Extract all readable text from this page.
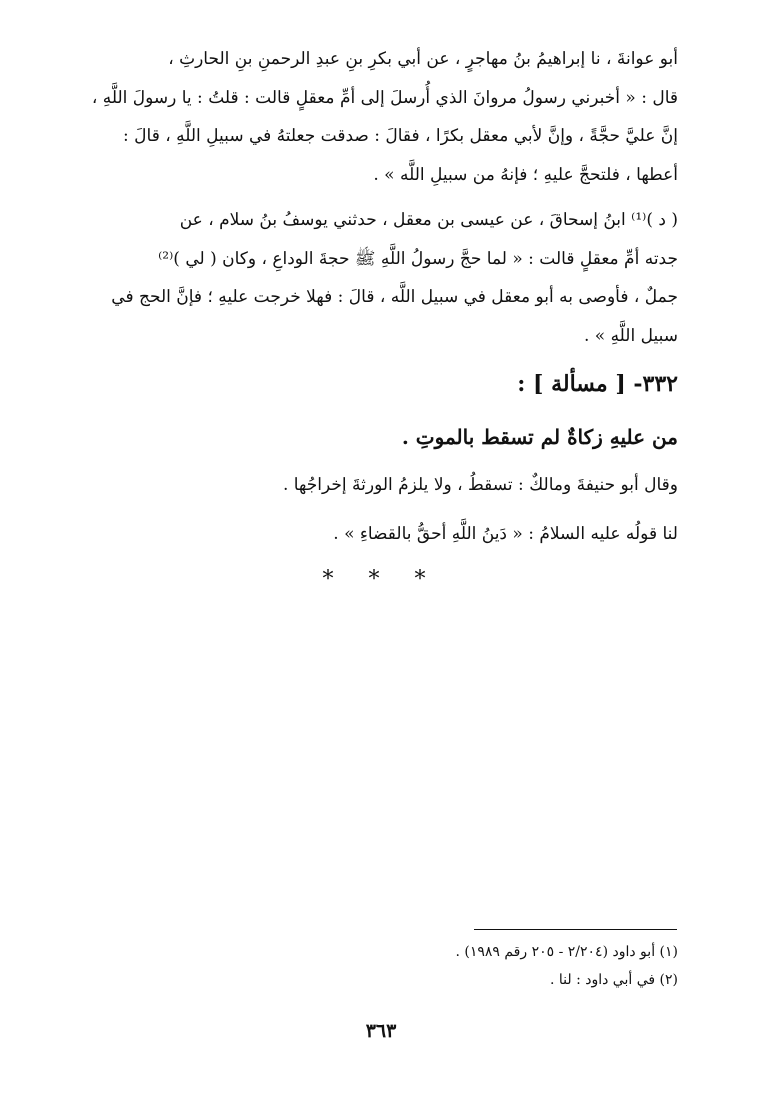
أبو عوانةَ ، نا إبراهيمُ بنُ مهاجرٍ ، عن أبي بكرِ بنِ عبدِ الرحمنِ بنِ الحارثِ ،

قال : « أخبرني رسولُ مروانَ الذي أُرسلَ إلى أمِّ معقلٍ قالت : قلتُ : يا رسولَ اللَّهِ ،

إنَّ عليَّ حجَّةً ، وإنَّ لأبي معقل بكرًا ، فقالَ : صدقت جعلتهُ في سبيلِ اللَّهِ ، قالَ :

أعطها ، فلتحجَّ عليهِ ؛ فإنهُ من سبيلِ اللَّه » .

( د )⁽¹⁾ ابنُ إسحاقَ ، عن عيسى بن معقل ، حدثني يوسفُ بنُ سلام ، عن

جدته أمِّ معقلٍ قالت : « لما حجَّ رسولُ اللَّهِ ﷺ حجةَ الوداعِ ، وكان ( لي )⁽²⁾

جملٌ ، فأوصى به أبو معقل في سبيل اللَّه ، قالَ : فهلا خرجت عليهِ ؛ فإنَّ الحج في

سبيل اللَّهِ » .

٣٣٢- [ مسألة ] :
من عليهِ زكاةٌ لم تسقط بالموتِ .
وقال أبو حنيفةَ ومالكٌ : تسقطُ ، ولا يلزمُ الورثةَ إخراجُها .
لنا قولُه عليه السلامُ : « دَينُ اللَّهِ أحقُّ بالقضاءِ » .
* * *

(١) أبو داود (٢/٢٠٤ - ٢٠٥ رقم ١٩٨٩) .

(٢) في أبي داود : لنا .

٣٦٣
